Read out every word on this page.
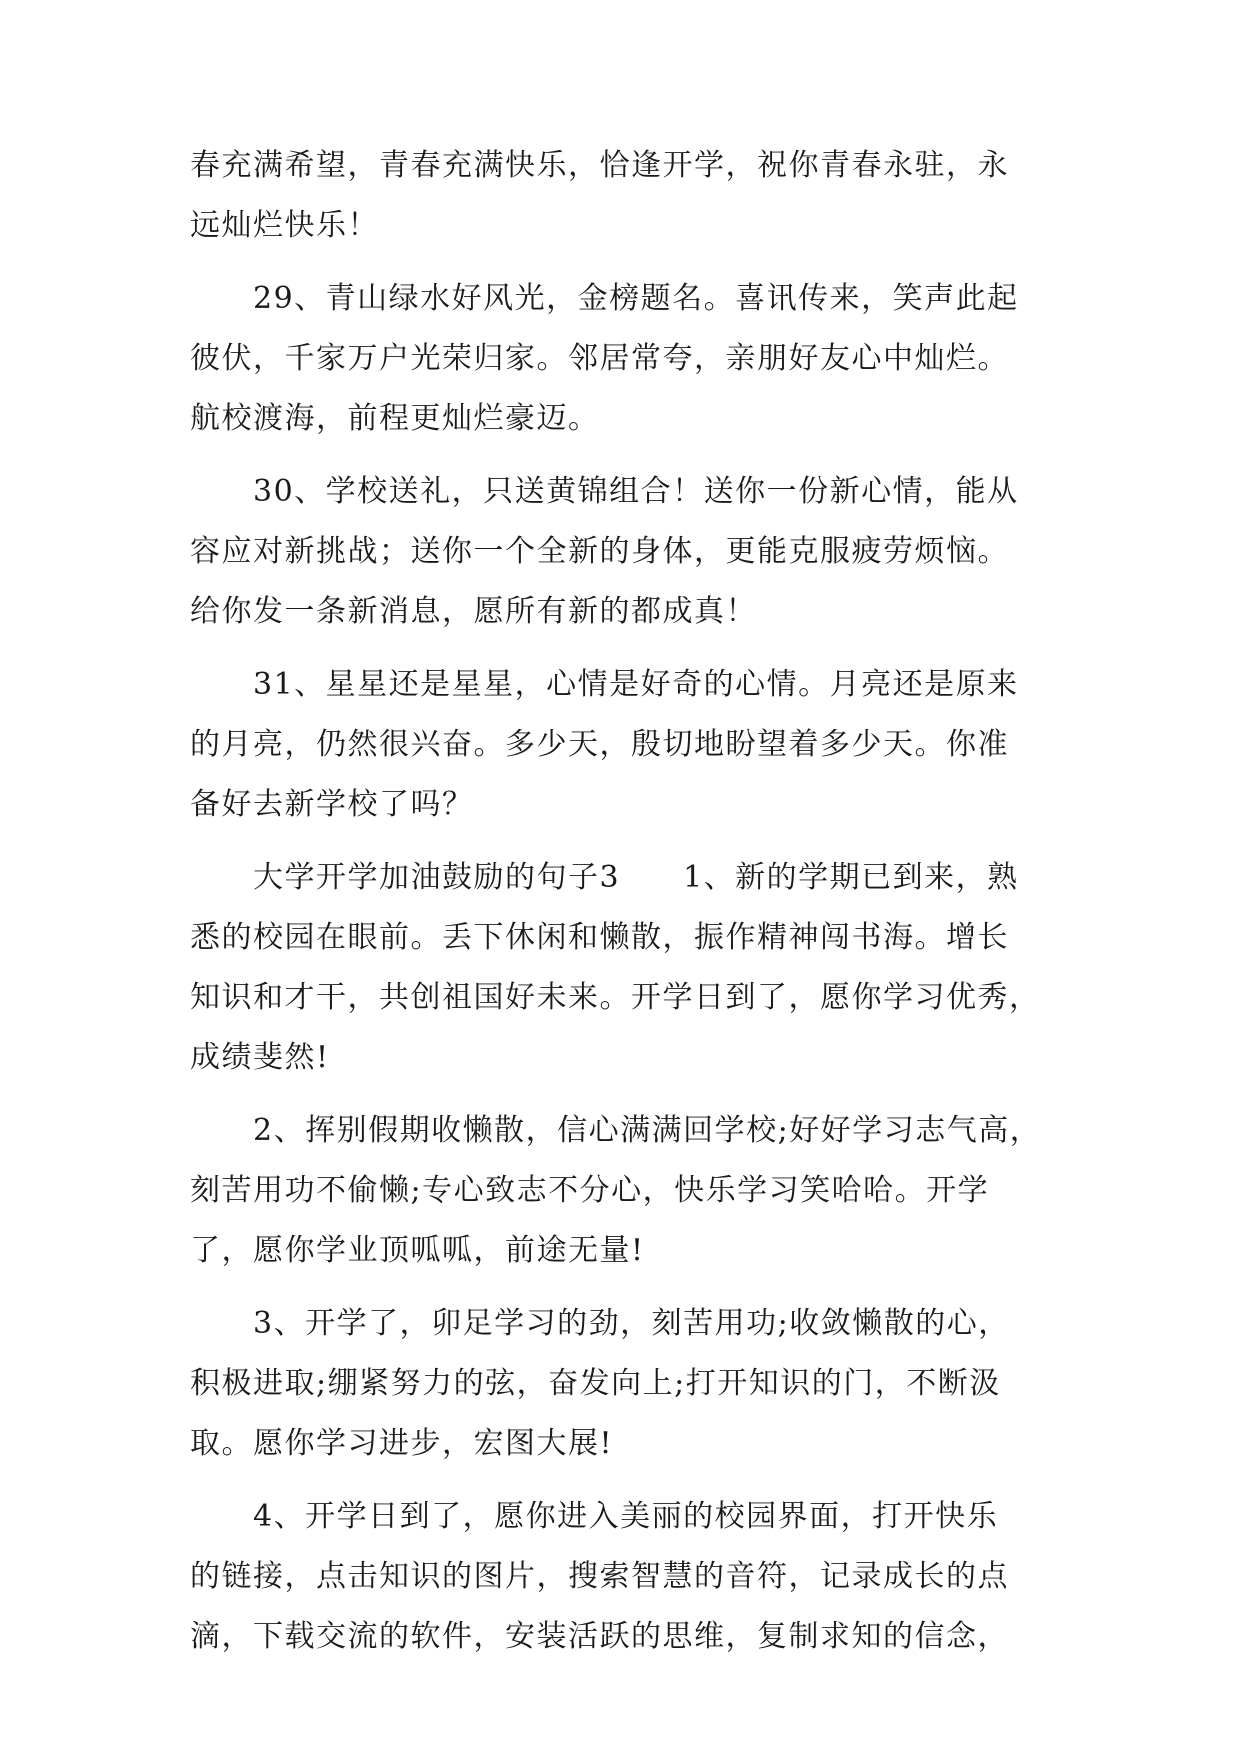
春充满希望，青春充满快乐，恰逢开学，祝你青春永驻，永
远灿烂快乐！
29、青山绿水好风光，金榜题名。喜讯传来，笑声此起
彼伏，千家万户光荣归家。邻居常夸，亲朋好友心中灿烂。
航校渡海，前程更灿烂豪迈。
30、学校送礼，只送黄锦组合！送你一份新心情，能从
容应对新挑战；送你一个全新的身体，更能克服疲劳烦恼。
给你发一条新消息，愿所有新的都成真！
31、星星还是星星，心情是好奇的心情。月亮还是原来
的月亮，仍然很兴奋。多少天，殷切地盼望着多少天。你准
备好去新学校了吗？
大学开学加油鼓励的句子3　　1、新的学期已到来，熟
悉的校园在眼前。丢下休闲和懒散，振作精神闯书海。增长
知识和才干，共创祖国好未来。开学日到了，愿你学习优秀，
成绩斐然!
2、挥别假期收懒散，信心满满回学校;好好学习志气高，
刻苦用功不偷懒;专心致志不分心，快乐学习笑哈哈。开学
了，愿你学业顶呱呱，前途无量!
3、开学了，卯足学习的劲，刻苦用功;收敛懒散的心，
积极进取;绷紧努力的弦，奋发向上;打开知识的门，不断汲
取。愿你学习进步，宏图大展!
4、开学日到了，愿你进入美丽的校园界面，打开快乐
的链接，点击知识的图片，搜索智慧的音符，记录成长的点
滴，下载交流的软件，安装活跃的思维，复制求知的信念，
